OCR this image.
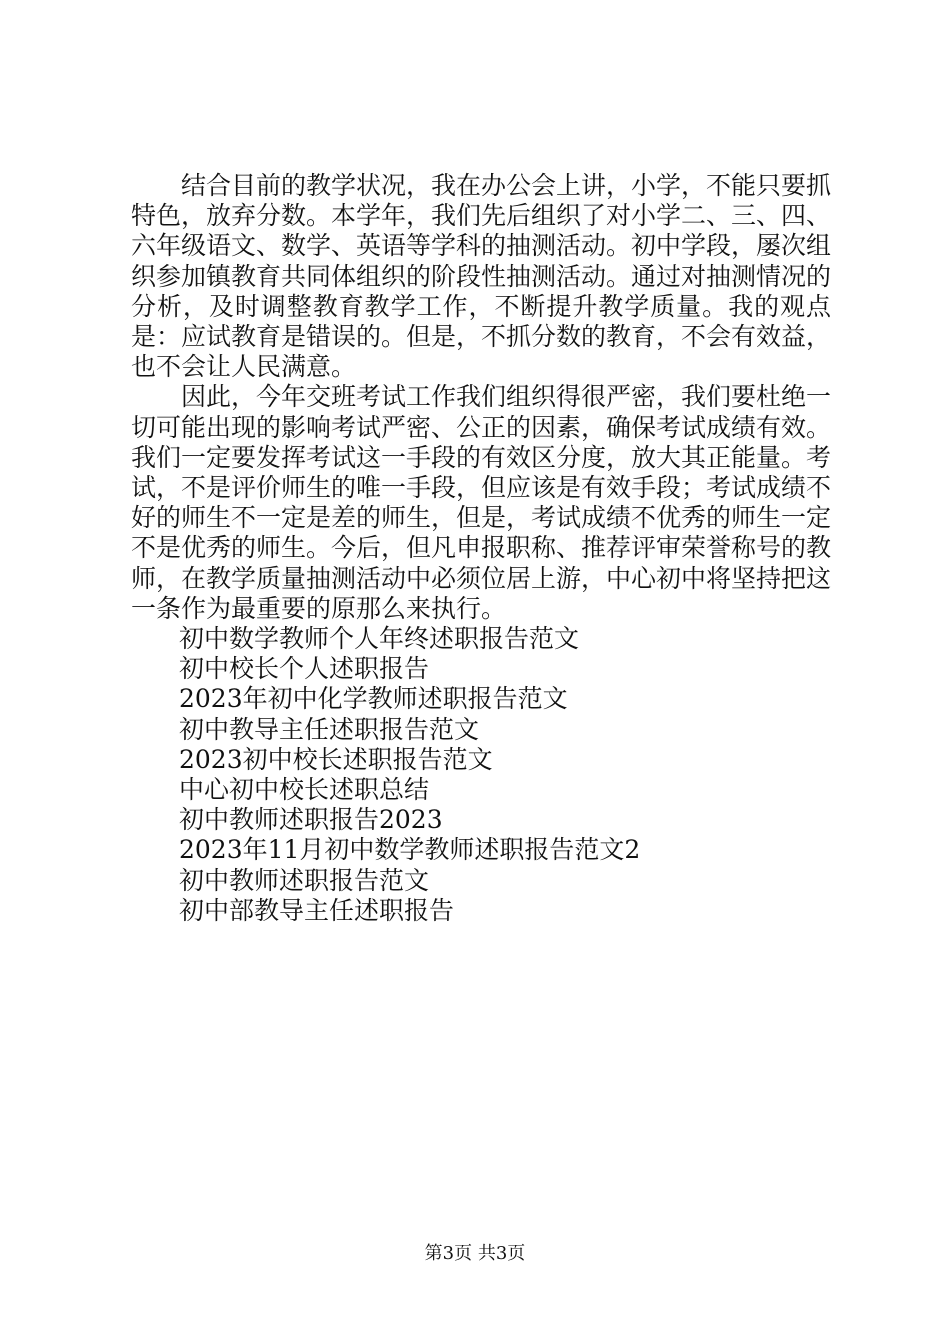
结合目前的教学状况，我在办公会上讲，小学，不能只要抓特色，放弃分数。本学年，我们先后组织了对小学二、三、四、六年级语文、数学、英语等学科的抽测活动。初中学段，屡次组织参加镇教育共同体组织的阶段性抽测活动。通过对抽测情况的分析，及时调整教育教学工作，不断提升教学质量。我的观点是：应试教育是错误的。但是，不抓分数的教育，不会有效益，也不会让人民满意。

因此，今年交班考试工作我们组织得很严密，我们要杜绝一切可能出现的影响考试严密、公正的因素，确保考试成绩有效。我们一定要发挥考试这一手段的有效区分度，放大其正能量。考试，不是评价师生的唯一手段，但应该是有效手段；考试成绩不好的师生不一定是差的师生，但是，考试成绩不优秀的师生一定不是优秀的师生。今后，但凡申报职称、推荐评审荣誉称号的教师，在教学质量抽测活动中必须位居上游，中心初中将坚持把这一条作为最重要的原那么来执行。

初中数学教师个人年终述职报告范文
初中校长个人述职报告
2023年初中化学教师述职报告范文
初中教导主任述职报告范文
2023初中校长述职报告范文
中心初中校长述职总结
初中教师述职报告2023
2023年11月初中数学教师述职报告范文2
初中教师述职报告范文
初中部教导主任述职报告
第3页 共3页
